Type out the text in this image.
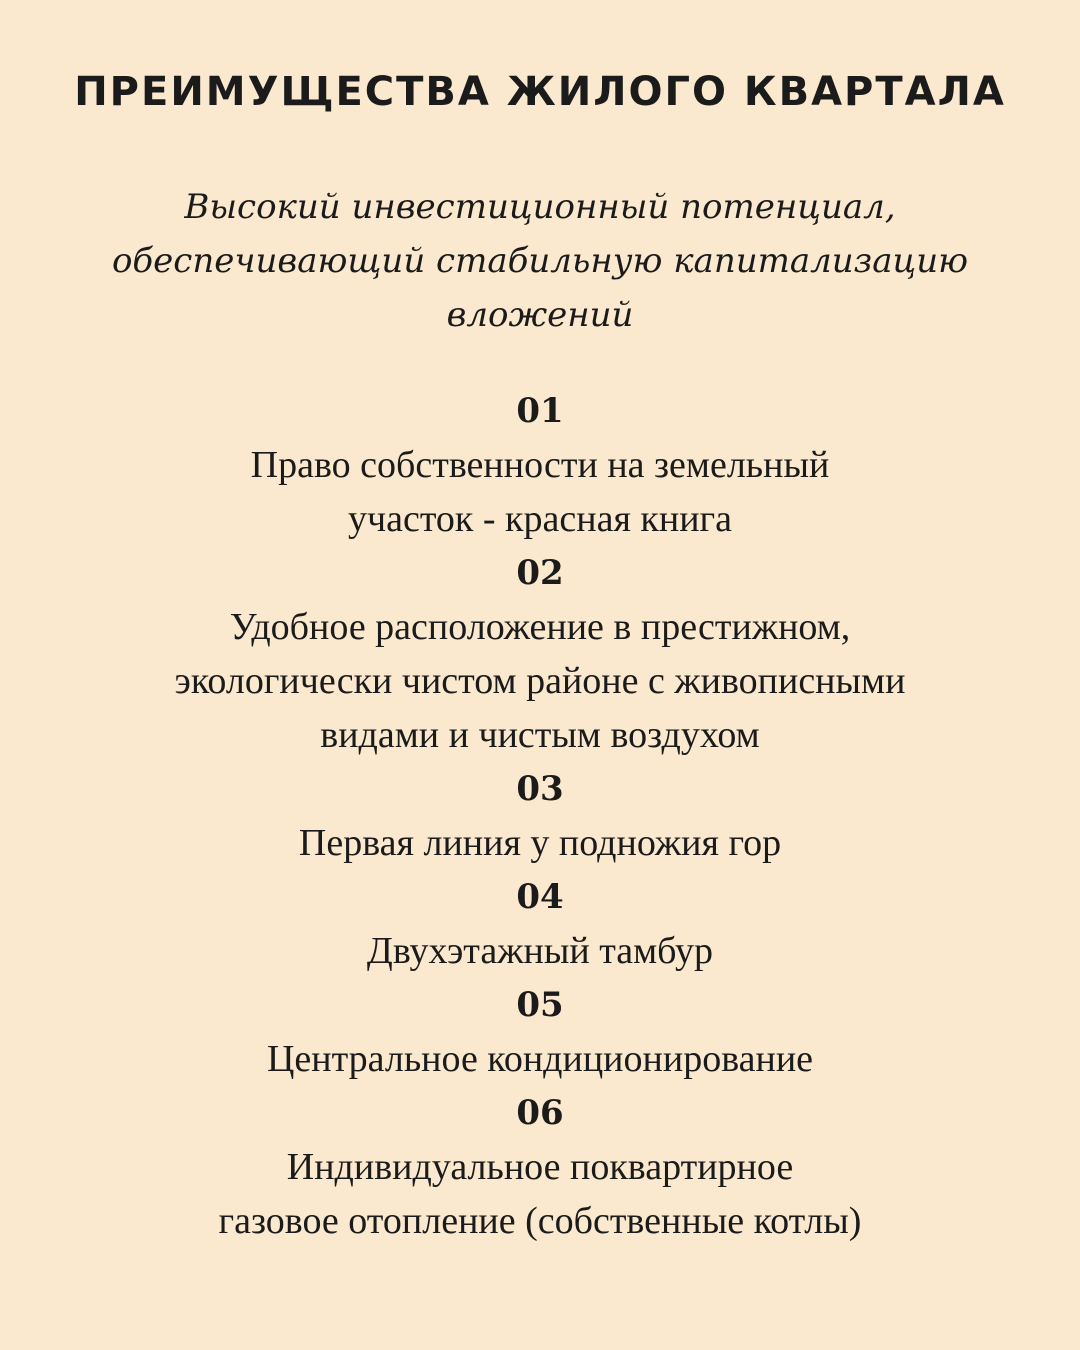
ПРЕИМУЩЕСТВА ЖИЛОГО КВАРТАЛА

Высокий инвестиционный потенциал,
обеспечивающий стабильную капитализацию
вложений

01
Право собственности на земельный
участок - красная книга
02
Удобное расположение в престижном,
экологически чистом районе с живописными
видами и чистым воздухом
03
Первая линия у подножия гор
04
Двухэтажный тамбур
05
Центральное кондиционирование
06
Индивидуальное поквартирное
газовое отопление (собственные котлы)
